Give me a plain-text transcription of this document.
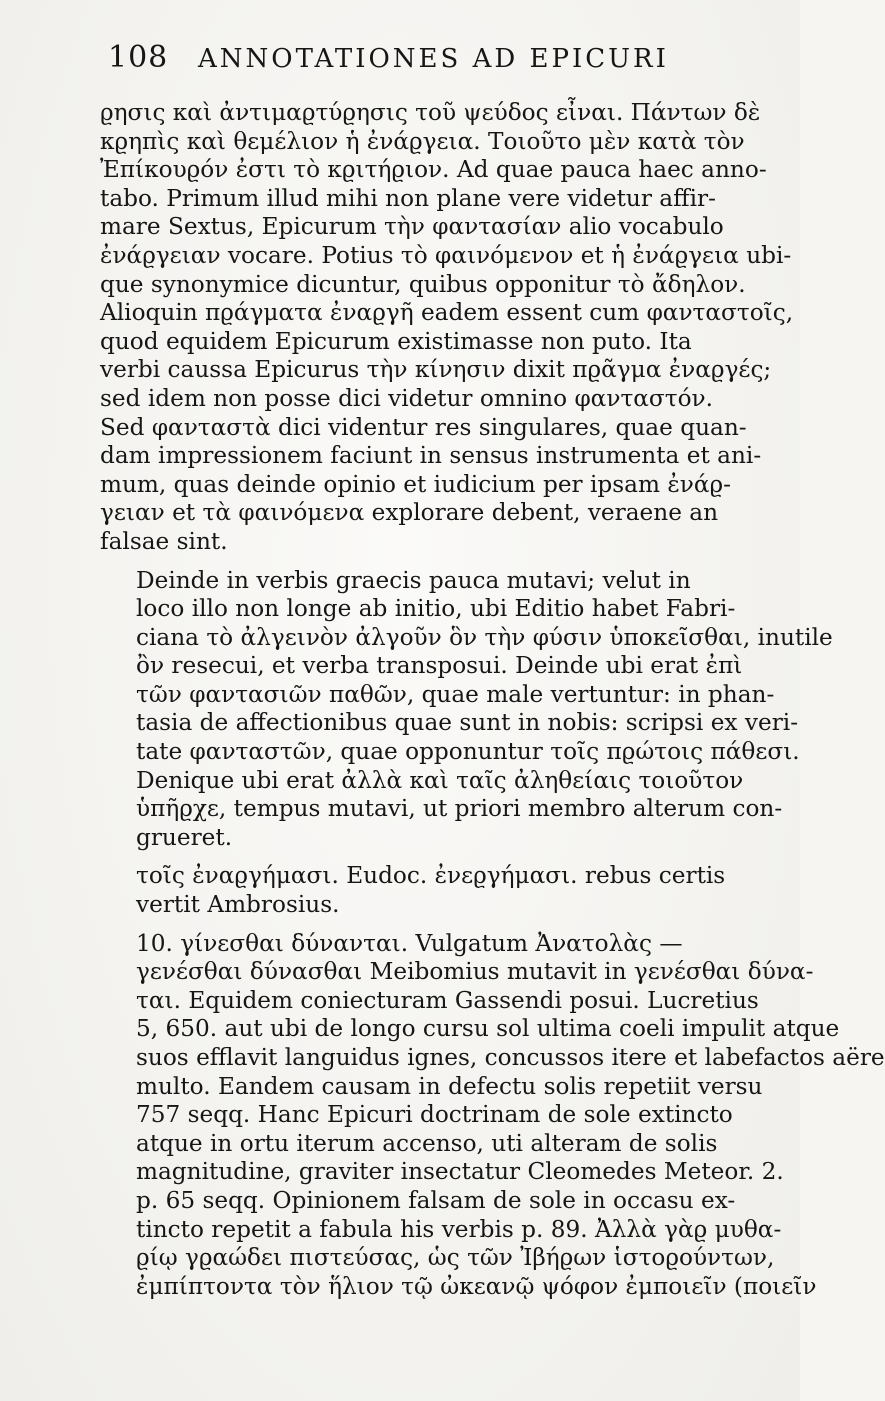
108	ANNOTATIONES AD EPICURI

ϱησις καὶ ἀντιμαϱτύϱησις τοῦ ψεύδος εἶναι. Πάντων δὲ
κϱηπὶς καὶ θεμέλιον ἡ ἐνάϱγεια. Τοιοῦτο μὲν κατὰ τὸν
Ἐπίκουϱόν ἐστι τὸ κϱιτήϱιον. Ad quae pauca haec anno-
tabo. Primum illud mihi non plane vere videtur affir-
mare Sextus, Epicurum τὴν φαντασίαν alio vocabulo
ἐνάϱγειαν vocare. Potius τὸ φαινόμενον et ἡ ἐνάϱγεια ubi-
que synonymice dicuntur, quibus opponitur τὸ ἄδηλον.
Alioquin πϱάγματα ἐναϱγῆ eadem essent cum φανταστοῖς,
quod equidem Epicurum existimasse non puto. Ita
verbi caussa Epicurus τὴν κίνησιν dixit πϱᾶγμα ἐναϱγές;
sed idem non posse dici videtur omnino φανταστόν.
Sed φανταστὰ dici videntur res singulares, quae quan-
dam impressionem faciunt in sensus instrumenta et ani-
mum, quas deinde opinio et iudicium per ipsam ἐνάϱ-
γειαν et τὰ φαινόμενα explorare debent, veraene an
falsae sint.

Deinde in verbis graecis pauca mutavi; velut in
loco illo non longe ab initio, ubi Editio habet Fabri-
ciana τὸ ἀλγεινὸν ἀλγοῦν ὃν τὴν φύσιν ὑποκεῖσθαι, inutile
ὂν resecui, et verba transposui. Deinde ubi erat ἐπὶ
τῶν φαντασιῶν παθῶν, quae male vertuntur: in phan-
tasia de affectionibus quae sunt in nobis: scripsi ex veri-
tate φανταστῶν, quae opponuntur τοῖς πϱώτοις πάθεσι.
Denique ubi erat ἀλλὰ καὶ ταῖς ἀληθείαις τοιοῦτον
ὑπῆϱχε, tempus mutavi, ut priori membro alterum con-
grueret.

τοῖς ἐναϱγήμασι. Eudoc. ἐνεϱγήμασι. rebus certis
vertit Ambrosius.

10. γίνεσθαι δύνανται. Vulgatum Ἀνατολὰς —
γενέσθαι δύνασθαι Meibomius mutavit in γενέσθαι δύνα-
ται. Equidem coniecturam Gassendi posui. Lucretius
5, 650. aut ubi de longo cursu sol ultima coeli impulit atque
suos efflavit languidus ignes, concussos itere et labefactos aëre
multo. Eandem causam in defectu solis repetiit versu
757 seqq. Hanc Epicuri doctrinam de sole extincto
atque in ortu iterum accenso, uti alteram de solis
magnitudine, graviter insectatur Cleomedes Meteor. 2.
p. 65 seqq. Opinionem falsam de sole in occasu ex-
tincto repetit a fabula his verbis p. 89. Ἀλλὰ γὰϱ μυθα-
ϱίῳ γϱαώδει πιστεύσας, ὡς τῶν Ἰβήϱων ἱστοϱούντων,
ἐμπίπτοντα τὸν ἥλιον τῷ ὠκεανῷ ψόφον ἐμποιεῖν (ποιεῖν
